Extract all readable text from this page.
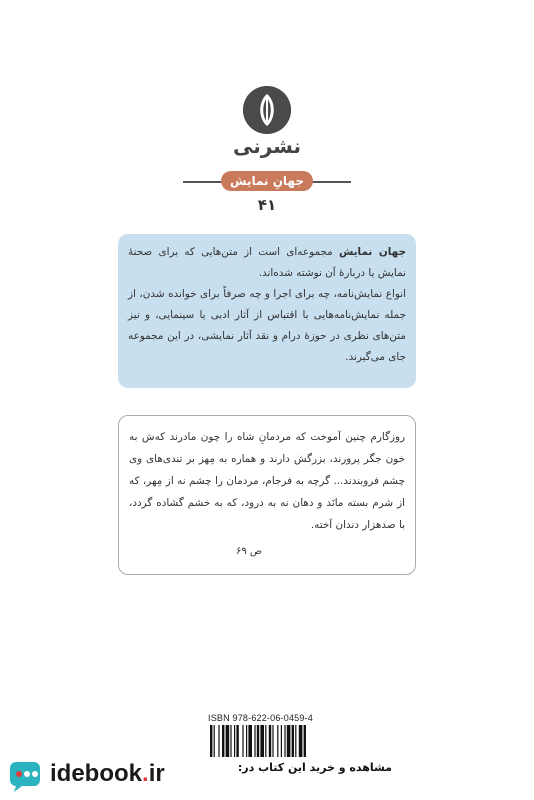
نشرنی
جهانِ نمایش
۴۱

جهان نمایش مجموعه‌ای است از متن‌هایی که برای صحنهٔ نمایش یا دربارهٔ آن نوشته شده‌اند.

انواع نمایش‌نامه، چه برای اجرا و چه صرفاً برای خوانده شدن، از جمله نمایش‌نامه‌هایی با اقتباس از آثار ادبی یا سینمایی، و نیز متن‌های نظری در حوزهٔ درام و نقد آثار نمایشی، در این مجموعه جای می‌گیرند.

روزگارم چنین آموخت که مردمانِ شاه را چون مادرند که‌ش به خون جگر پرورند، بزرگش دارند و هماره به مِهز بر تندی‌های وی چشم فروبندند... گرچه به فرجام، مردمان را چشم نه از مِهر، که از شرم بسته مانَد و دهان نه به درود، که به خشم گشاده گردد، با صدهزار دندان آخته.

ص ۶۹
ISBN 978-622-06-0459-4
idebook.ir	مشاهده و خرید این کتاب در:
